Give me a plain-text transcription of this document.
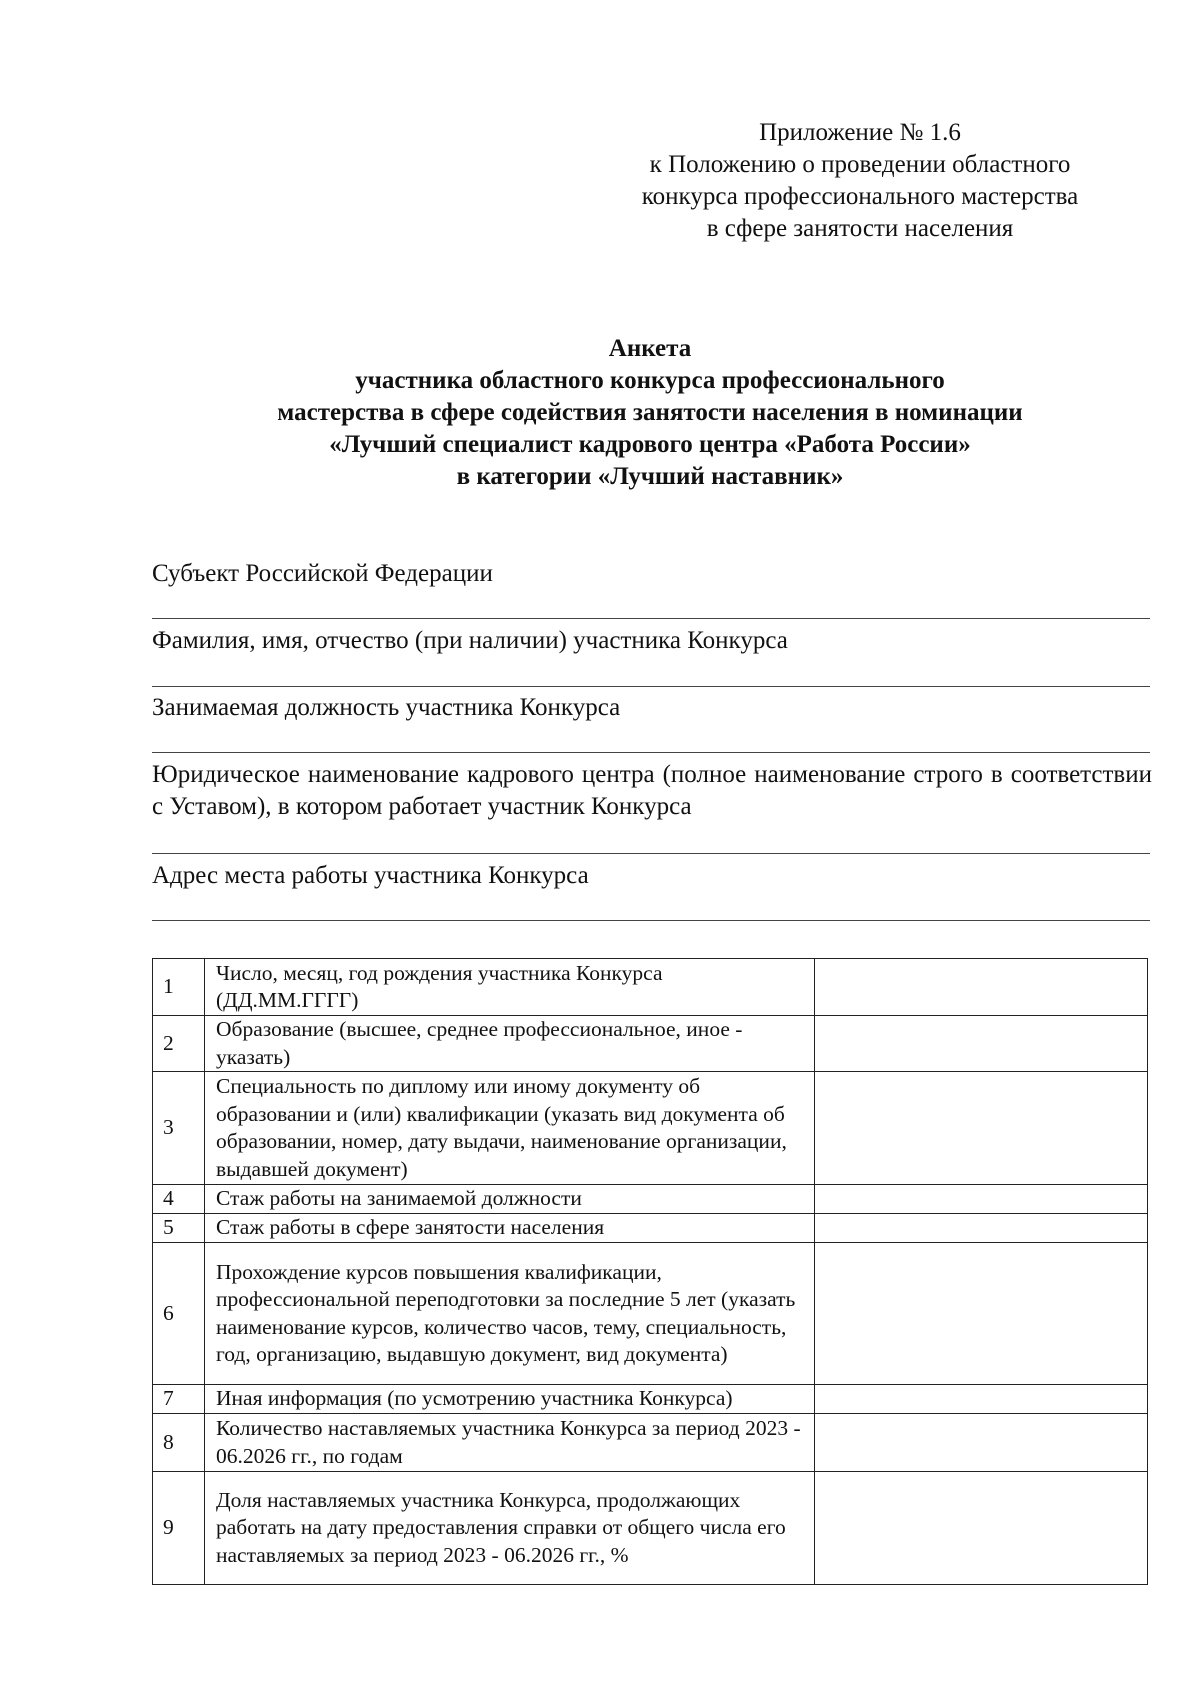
Приложение № 1.6
к Положению о проведении областного
конкурса профессионального мастерства
в сфере занятости населения
Анкета
участника областного конкурса профессионального
мастерства в сфере содействия занятости населения в номинации
«Лучший специалист кадрового центра «Работа России»
в категории «Лучший наставник»
Субъект Российской Федерации
Фамилия, имя, отчество (при наличии) участника Конкурса
Занимаемая должность участника Конкурса
Юридическое наименование кадрового центра (полное наименование строго в соответствии с Уставом), в котором работает участник Конкурса
Адрес места работы участника Конкурса
1	Число, месяц, год рождения участника Конкурса (ДД.ММ.ГГГГ)	
2	Образование (высшее, среднее профессиональное, иное - указать)	
3	Специальность по диплому или иному документу об образовании и (или) квалификации (указать вид документа об образовании, номер, дату выдачи, наименование организации, выдавшей документ)	
4	Стаж работы на занимаемой должности	
5	Стаж работы в сфере занятости населения	
6	Прохождение курсов повышения квалификации, профессиональной переподготовки за последние 5 лет (указать наименование курсов, количество часов, тему, специальность, год, организацию, выдавшую документ, вид документа)	
7	Иная информация (по усмотрению участника Конкурса)	
8	Количество наставляемых участника Конкурса за период 2023 - 06.2026 гг., по годам	
9	Доля наставляемых участника Конкурса, продолжающих работать на дату предоставления справки от общего числа его наставляемых за период 2023 - 06.2026 гг., %	
